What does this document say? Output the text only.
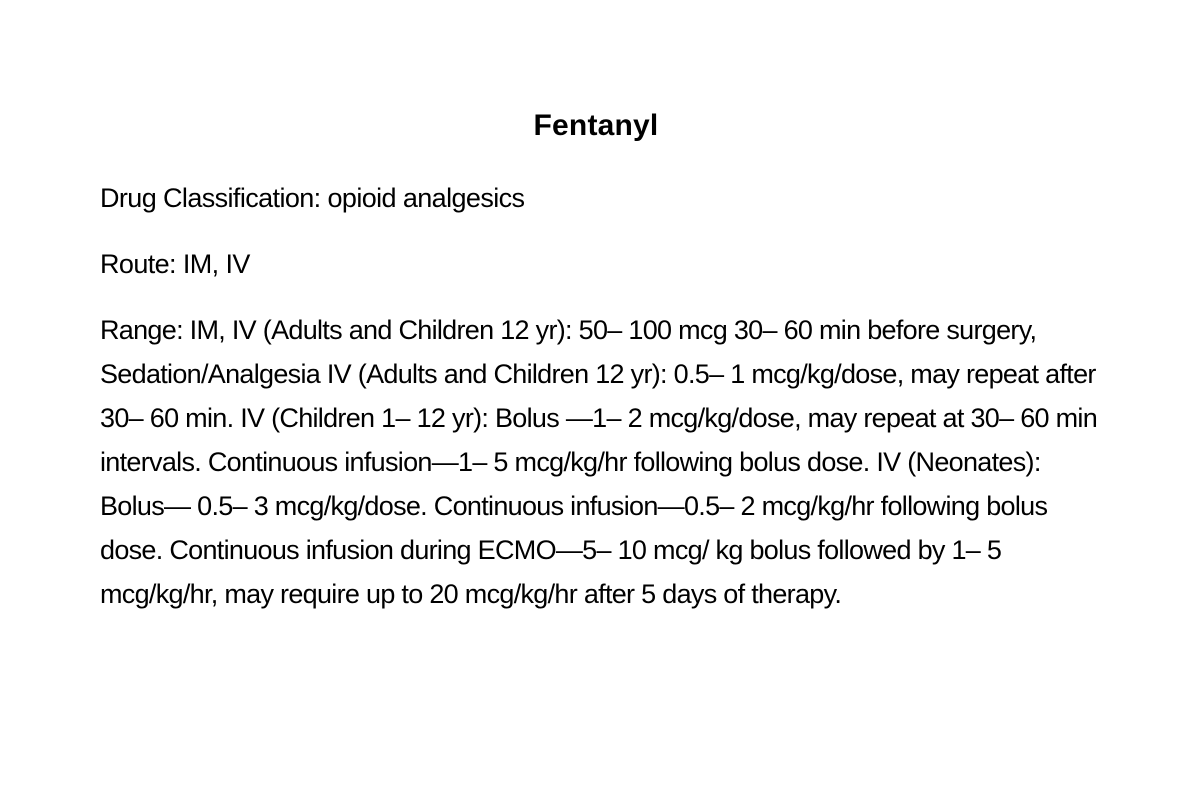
Fentanyl

Drug Classification: opioid analgesics

Route: IM, IV

Range: IM, IV (Adults and Children 12 yr): 50– 100 mcg 30– 60 min before surgery, Sedation/Analgesia IV (Adults and Children 12 yr): 0.5– 1 mcg/kg/dose, may repeat after 30– 60 min. IV (Children 1– 12 yr): Bolus —1– 2 mcg/kg/dose, may repeat at 30– 60 min intervals. Continuous infusion—1– 5 mcg/kg/hr following bolus dose. IV (Neonates): Bolus— 0.5– 3 mcg/kg/dose. Continuous infusion—0.5– 2 mcg/kg/hr following bolus dose. Continuous infusion during ECMO—5– 10 mcg/ kg bolus followed by 1– 5 mcg/kg/hr, may require up to 20 mcg/kg/hr after 5 days of therapy.
